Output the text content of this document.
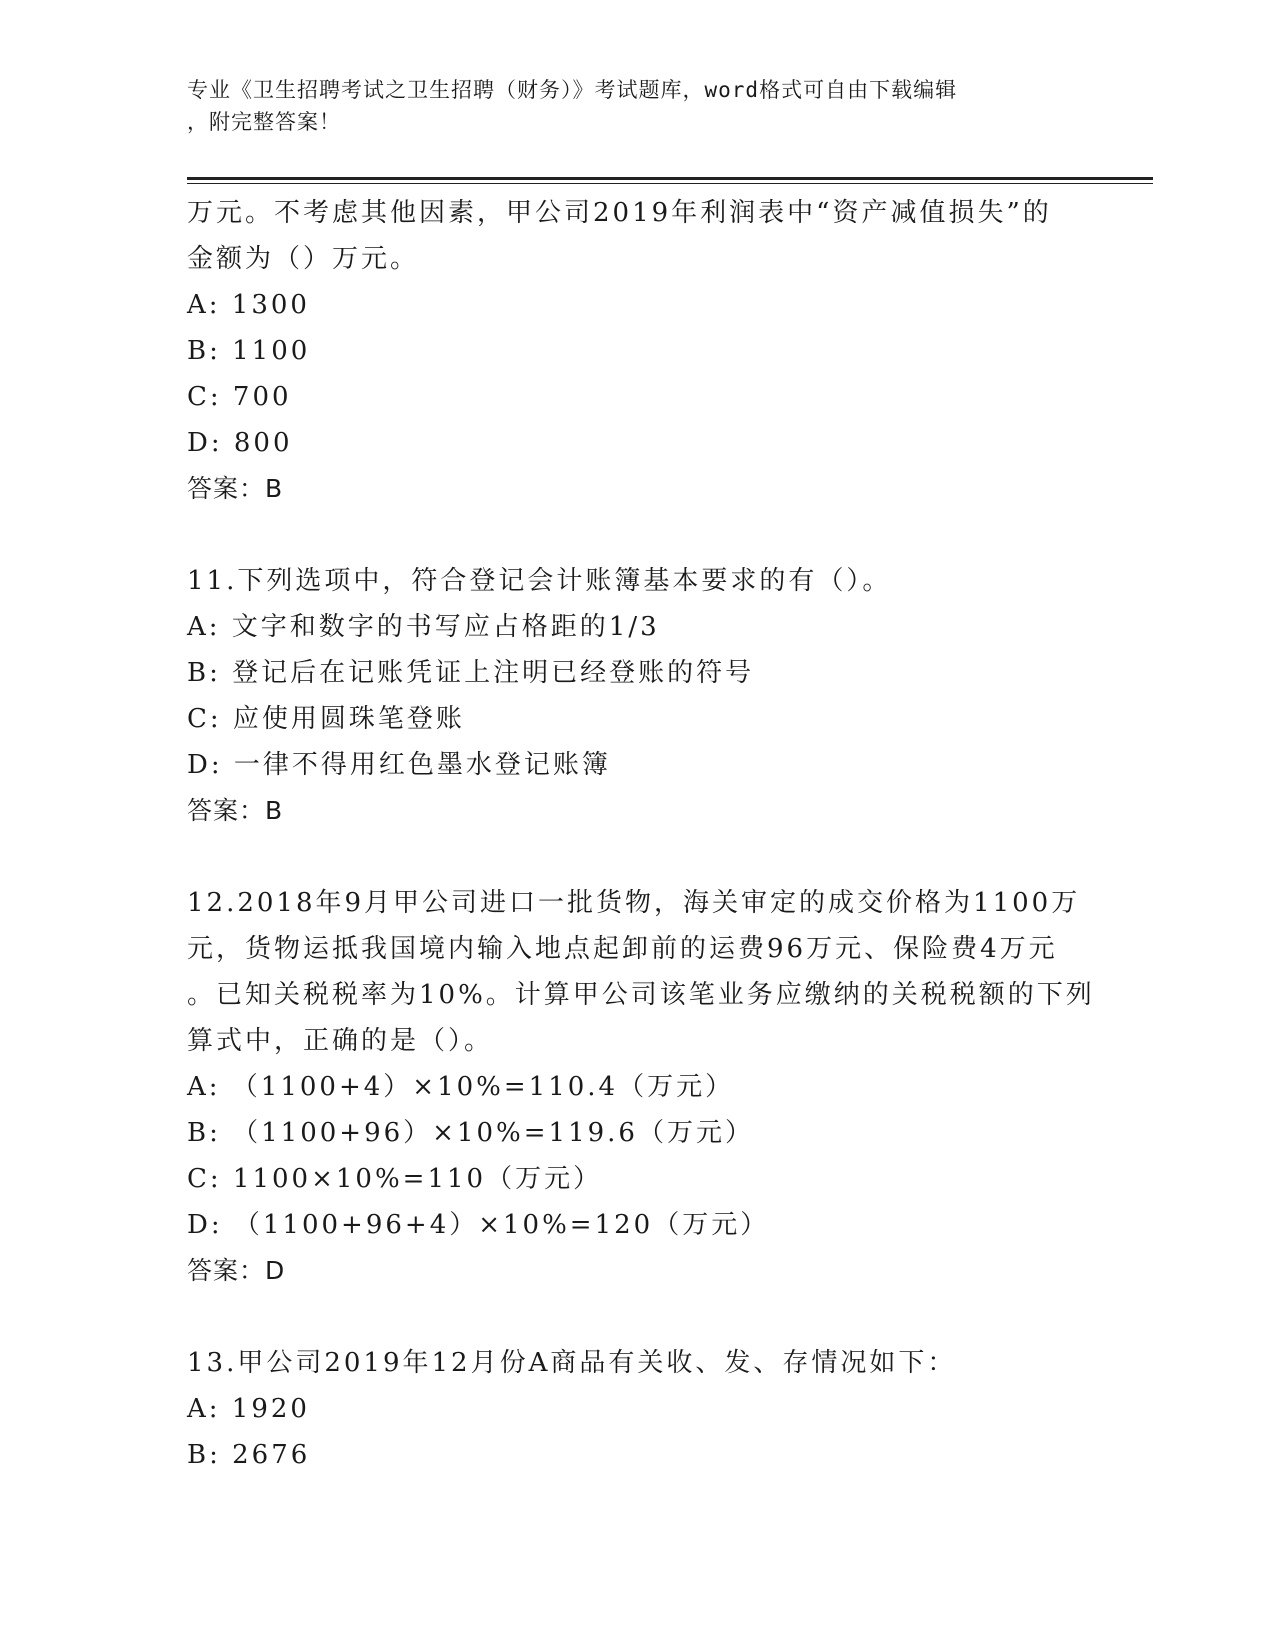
专业《卫生招聘考试之卫生招聘（财务）》考试题库，word格式可自由下载编辑
，附完整答案！
万元。不考虑其他因素，甲公司2019年利润表中“资产减值损失”的
金额为（）万元。
A: 1300
B: 1100
C: 700
D: 800
答案：B
11.下列选项中，符合登记会计账簿基本要求的有（）。
A: 文字和数字的书写应占格距的1/3
B: 登记后在记账凭证上注明已经登账的符号
C: 应使用圆珠笔登账
D: 一律不得用红色墨水登记账簿
答案：B
12.2018年9月甲公司进口一批货物，海关审定的成交价格为1100万
元，货物运抵我国境内输入地点起卸前的运费96万元、保险费4万元
。已知关税税率为10%。计算甲公司该笔业务应缴纳的关税税额的下列
算式中，正确的是（）。
A: （1100+4）×10%=110.4（万元）
B: （1100+96）×10%=119.6（万元）
C: 1100×10%=110（万元）
D: （1100+96+4）×10%=120（万元）
答案：D
13.甲公司2019年12月份A商品有关收、发、存情况如下：
A: 1920
B: 2676
